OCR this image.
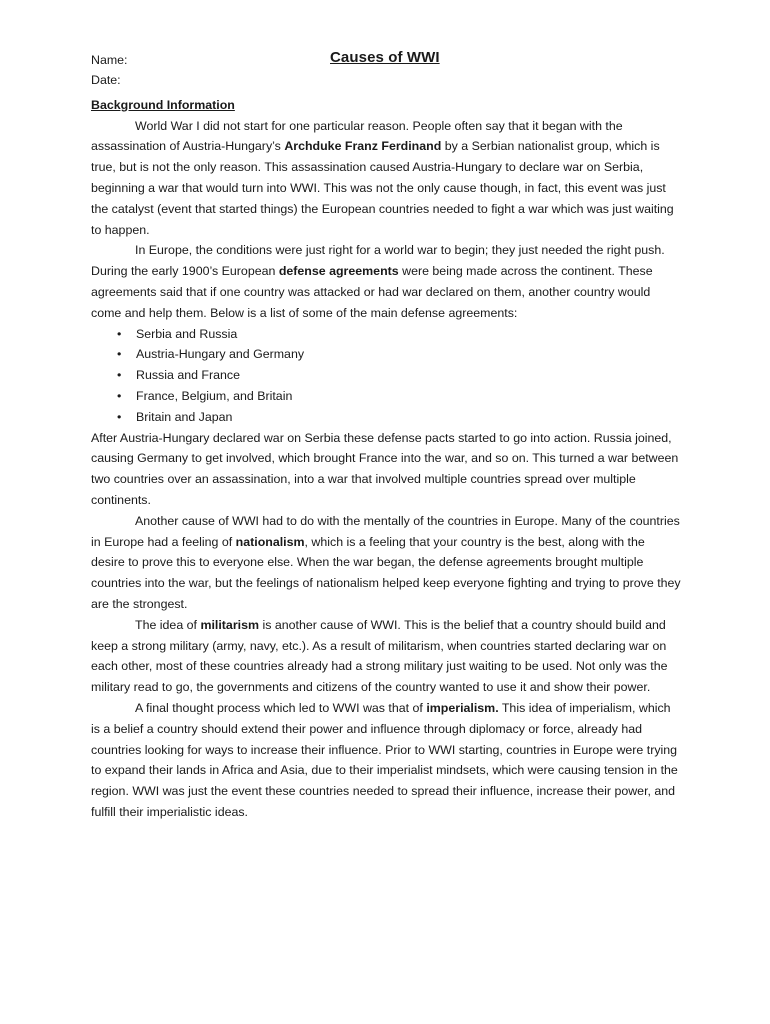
Name:	Causes of WWI
Date:
Background Information

World War I did not start for one particular reason. People often say that it began with the assassination of Austria-Hungary’s Archduke Franz Ferdinand by a Serbian nationalist group, which is true, but is not the only reason. This assassination caused Austria-Hungary to declare war on Serbia, beginning a war that would turn into WWI. This was not the only cause though, in fact, this event was just the catalyst (event that started things) the European countries needed to fight a war which was just waiting to happen.

In Europe, the conditions were just right for a world war to begin; they just needed the right push. During the early 1900’s European defense agreements were being made across the continent. These agreements said that if one country was attacked or had war declared on them, another country would come and help them. Below is a list of some of the main defense agreements:

• Serbia and Russia
• Austria-Hungary and Germany
• Russia and France
• France, Belgium, and Britain
• Britain and Japan

After Austria-Hungary declared war on Serbia these defense pacts started to go into action. Russia joined, causing Germany to get involved, which brought France into the war, and so on. This turned a war between two countries over an assassination, into a war that involved multiple countries spread over multiple continents.

Another cause of WWI had to do with the mentally of the countries in Europe. Many of the countries in Europe had a feeling of nationalism, which is a feeling that your country is the best, along with the desire to prove this to everyone else. When the war began, the defense agreements brought multiple countries into the war, but the feelings of nationalism helped keep everyone fighting and trying to prove they are the strongest.

The idea of militarism is another cause of WWI. This is the belief that a country should build and keep a strong military (army, navy, etc.). As a result of militarism, when countries started declaring war on each other, most of these countries already had a strong military just waiting to be used. Not only was the military read to go, the governments and citizens of the country wanted to use it and show their power.

A final thought process which led to WWI was that of imperialism. This idea of imperialism, which is a belief a country should extend their power and influence through diplomacy or force, already had countries looking for ways to increase their influence. Prior to WWI starting, countries in Europe were trying to expand their lands in Africa and Asia, due to their imperialist mindsets, which were causing tension in the region. WWI was just the event these countries needed to spread their influence, increase their power, and fulfill their imperialistic ideas.
